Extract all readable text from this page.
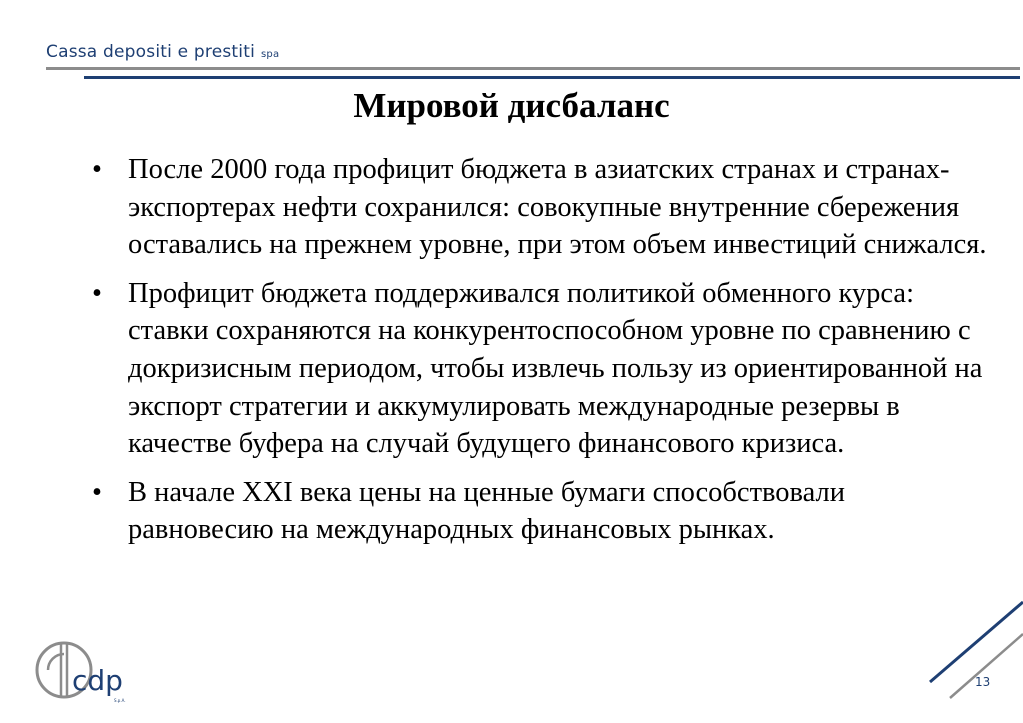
Cassa depositi e prestiti spa
Мировой дисбаланс
• После 2000 года профицит бюджета в азиатских странах и странах-экспортерах нефти сохранился: совокупные внутренние сбережения оставались на прежнем уровне, при этом объем инвестиций снижался.
• Профицит бюджета поддерживался политикой обменного курса: ставки сохраняются на конкурентоспособном уровне по сравнению с докризисным периодом, чтобы извлечь пользу из ориентированной на экспорт стратегии и аккумулировать международные резервы в качестве буфера на случай будущего финансового кризиса.
• В начале XXI века цены на ценные бумаги способствовали равновесию на международных финансовых рынках.
cdp
S.p.A.
13
